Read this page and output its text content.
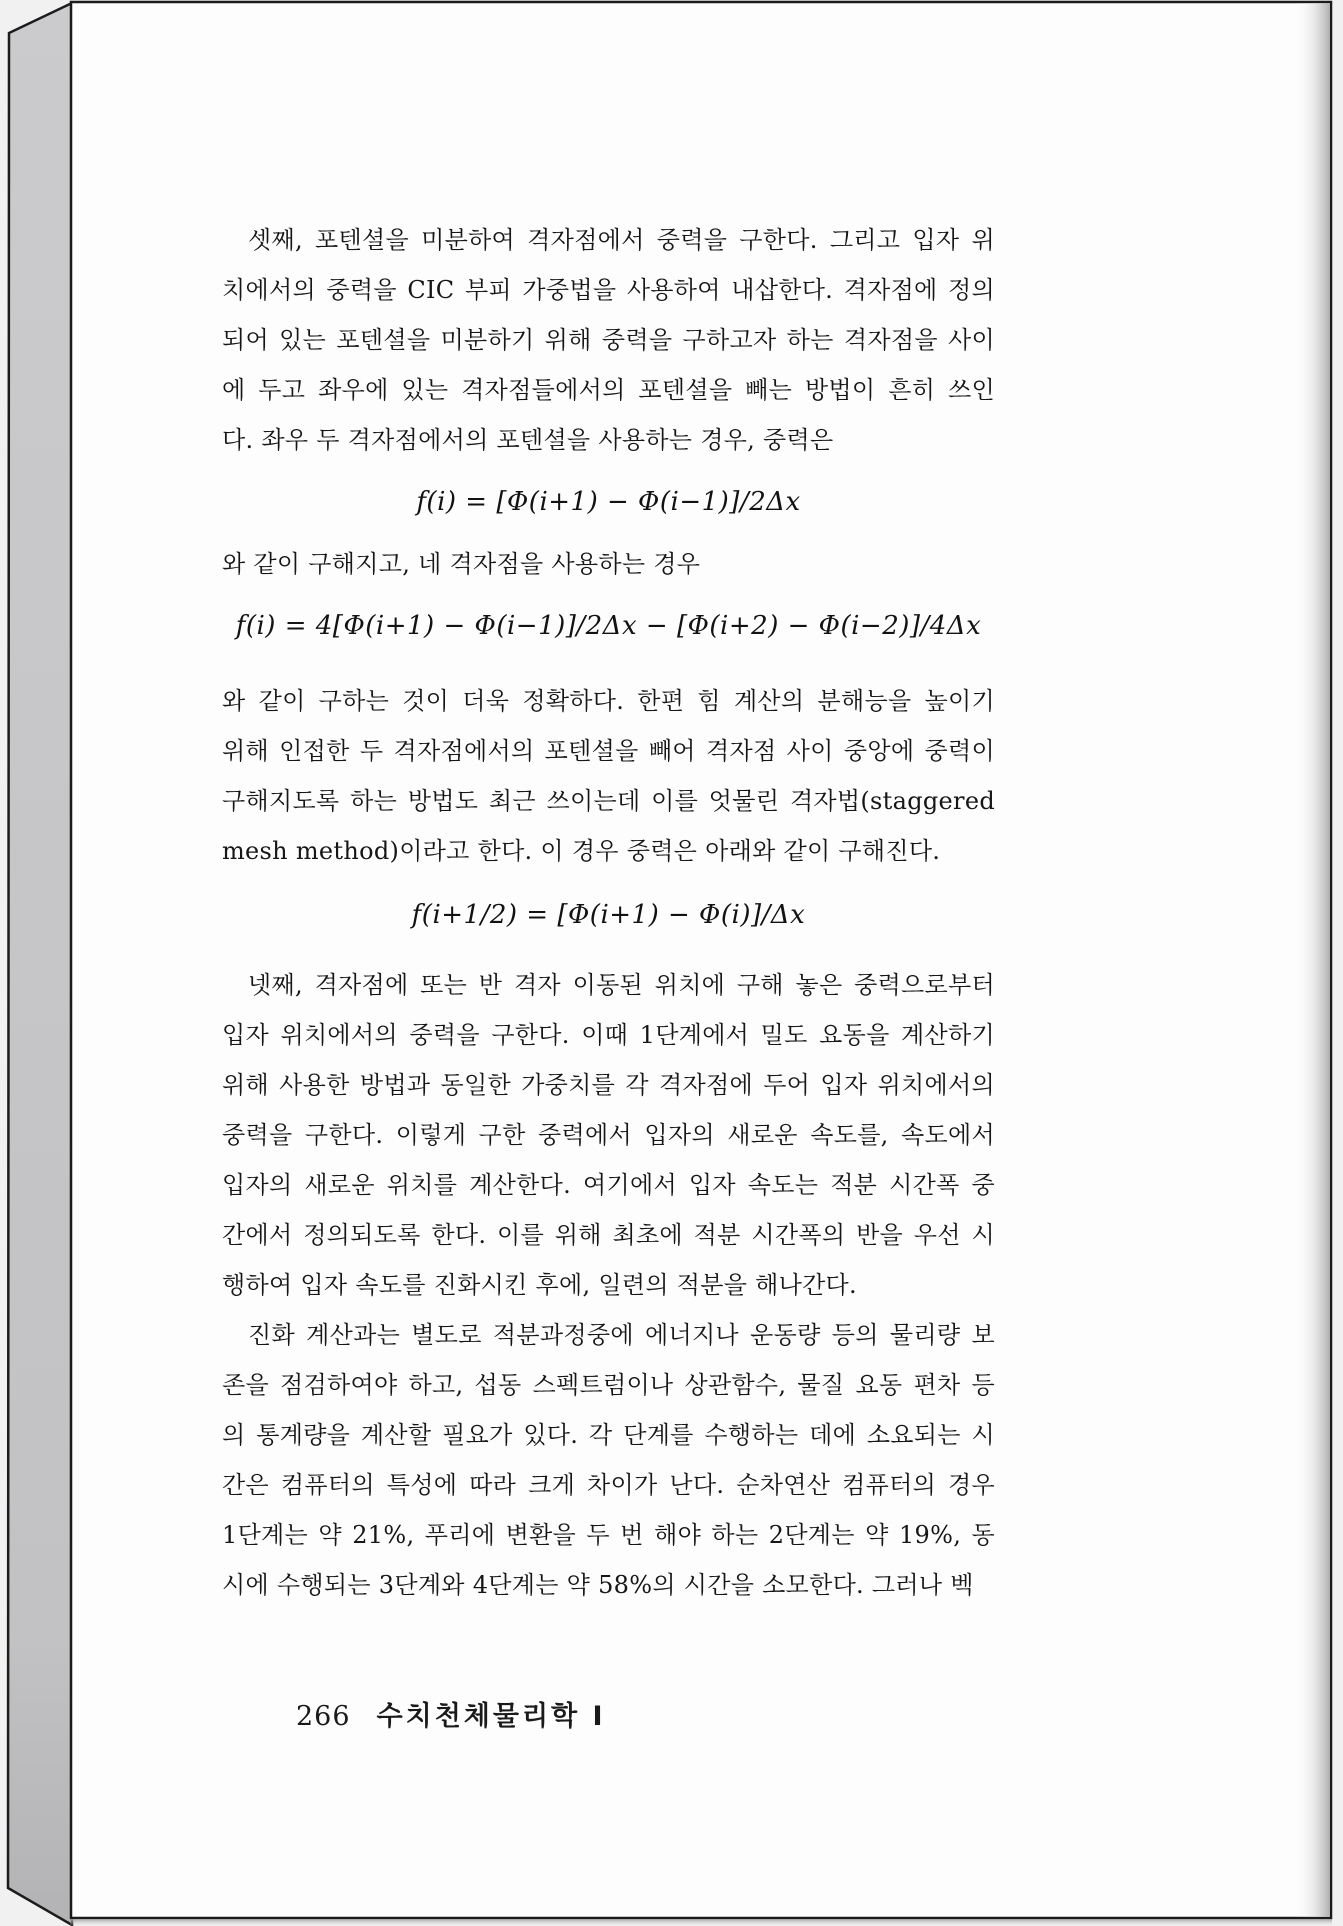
셋째, 포텐셜을 미분하여 격자점에서 중력을 구한다. 그리고 입자 위
치에서의 중력을 CIC 부피 가중법을 사용하여 내삽한다. 격자점에 정의
되어 있는 포텐셜을 미분하기 위해 중력을 구하고자 하는 격자점을 사이
에 두고 좌우에 있는 격자점들에서의 포텐셜을 빼는 방법이 흔히 쓰인
다. 좌우 두 격자점에서의 포텐셜을 사용하는 경우, 중력은
f(i) = [Φ(i+1) − Φ(i−1)]/2Δx
와 같이 구해지고, 네 격자점을 사용하는 경우
f(i) = 4[Φ(i+1) − Φ(i−1)]/2Δx − [Φ(i+2) − Φ(i−2)]/4Δx
와 같이 구하는 것이 더욱 정확하다. 한편 힘 계산의 분해능을 높이기
위해 인접한 두 격자점에서의 포텐셜을 빼어 격자점 사이 중앙에 중력이
구해지도록 하는 방법도 최근 쓰이는데 이를 엇물린 격자법(staggered
mesh method)이라고 한다. 이 경우 중력은 아래와 같이 구해진다.
f(i+1/2) = [Φ(i+1) − Φ(i)]/Δx
넷째, 격자점에 또는 반 격자 이동된 위치에 구해 놓은 중력으로부터
입자 위치에서의 중력을 구한다. 이때 1단계에서 밀도 요동을 계산하기
위해 사용한 방법과 동일한 가중치를 각 격자점에 두어 입자 위치에서의
중력을 구한다. 이렇게 구한 중력에서 입자의 새로운 속도를, 속도에서
입자의 새로운 위치를 계산한다. 여기에서 입자 속도는 적분 시간폭 중
간에서 정의되도록 한다. 이를 위해 최초에 적분 시간폭의 반을 우선 시
행하여 입자 속도를 진화시킨 후에, 일련의 적분을 해나간다.
진화 계산과는 별도로 적분과정중에 에너지나 운동량 등의 물리량 보
존을 점검하여야 하고, 섭동 스펙트럼이나 상관함수, 물질 요동 편차 등
의 통계량을 계산할 필요가 있다. 각 단계를 수행하는 데에 소요되는 시
간은 컴퓨터의 특성에 따라 크게 차이가 난다. 순차연산 컴퓨터의 경우
1단계는 약 21%, 푸리에 변환을 두 번 해야 하는 2단계는 약 19%, 동
시에 수행되는 3단계와 4단계는 약 58%의 시간을 소모한다. 그러나 벡
266 수치천체물리학 Ⅰ
